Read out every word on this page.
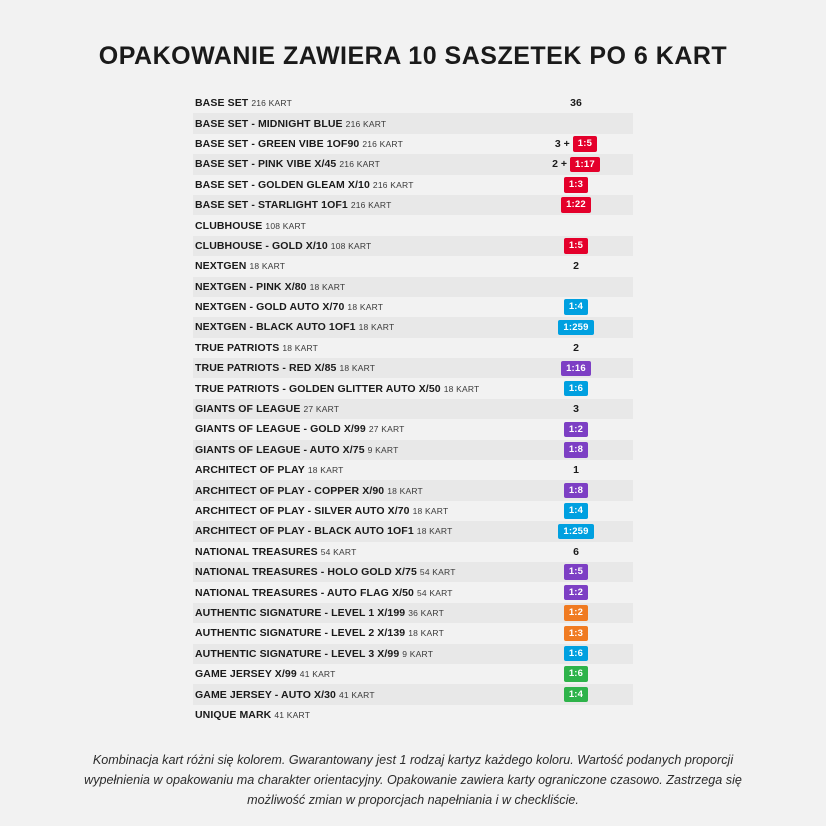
OPAKOWANIE ZAWIERA 10 SASZETEK PO 6 KART
BASE SET 216 KART	36
BASE SET - MIDNIGHT BLUE 216 KART
BASE SET - GREEN VIBE 1OF90 216 KART	3 + 1:5
BASE SET - PINK VIBE X/45 216 KART	2 + 1:17
BASE SET - GOLDEN GLEAM X/10 216 KART	1:3
BASE SET - STARLIGHT 1OF1 216 KART	1:22
CLUBHOUSE 108 KART
CLUBHOUSE - GOLD X/10 108 KART	1:5
NEXTGEN 18 KART	2
NEXTGEN - PINK X/80 18 KART
NEXTGEN - GOLD AUTO X/70 18 KART	1:4
NEXTGEN - BLACK AUTO 1OF1 18 KART	1:259
TRUE PATRIOTS 18 KART	2
TRUE PATRIOTS - RED X/85 18 KART	1:16
TRUE PATRIOTS - GOLDEN GLITTER AUTO X/50 18 KART	1:6
GIANTS OF LEAGUE 27 KART	3
GIANTS OF LEAGUE - GOLD X/99 27 KART	1:2
GIANTS OF LEAGUE - AUTO X/75 9 KART	1:8
ARCHITECT OF PLAY 18 KART	1
ARCHITECT OF PLAY - COPPER X/90 18 KART	1:8
ARCHITECT OF PLAY - SILVER AUTO X/70 18 KART	1:4
ARCHITECT OF PLAY - BLACK AUTO 1OF1 18 KART	1:259
NATIONAL TREASURES 54 KART	6
NATIONAL TREASURES - HOLO GOLD X/75 54 KART	1:5
NATIONAL TREASURES - AUTO FLAG X/50 54 KART	1:2
AUTHENTIC SIGNATURE - LEVEL 1 X/199 36 KART	1:2
AUTHENTIC SIGNATURE - LEVEL 2 X/139 18 KART	1:3
AUTHENTIC SIGNATURE - LEVEL 3 X/99 9 KART	1:6
GAME JERSEY X/99 41 KART	1:6
GAME JERSEY - AUTO X/30 41 KART	1:4
UNIQUE MARK 41 KART
Kombinacja kart różni się kolorem. Gwarantowany jest 1 rodzaj kartyz każdego koloru. Wartość podanych proporcji wypełnienia w opakowaniu ma charakter orientacyjny. Opakowanie zawiera karty ograniczone czasowo. Zastrzega się możliwość zmian w proporcjach napełniania i w checkliście.
